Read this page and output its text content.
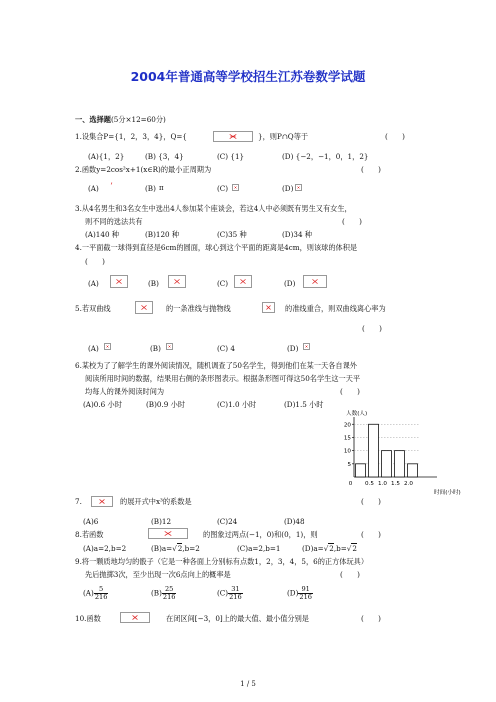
2004年普通高等学校招生江苏卷数学试题
一、选择题(5分×12=60分)
1.设集合P={1，2，3，4}，Q={	}，则P∩Q等于	(　　)
(A){1，2}	(B) {3，4}	(C) {1}	(D) {−2，−1，0，1，2}
2.函数y=2cos²x+1(x∈R)的最小正周期为	(　　)
(A) ʼ	(B) π	(C)	(D)
3.从4名男生和3名女生中选出4人参加某个座谈会，若这4人中必须既有男生又有女生，
则不同的选法共有	(　　)
(A)140 种	(B)120 种	(C)35 种	(D)34 种
4.一平面截一球得到直径是6cm的圆面，球心到这个平面的距离是4cm，则该球的体积是
(　　)
(A)	(B)	(C)	(D)
5.若双曲线	的一条准线与抛物线	的准线重合，则双曲线离心率为
(　　)
(A)	(B)	(C) 4	(D)
6.某校为了了解学生的课外阅读情况，随机调查了50名学生，得到他们在某一天各自课外
阅读所用时间的数据，结果用右侧的条形图表示。根据条形图可得这50名学生这一天平
均每人的课外阅读时间为	(　　)
(A)0.6 小时	(B)0.9 小时	(C)1.0 小时	(D)1.5 小时
人数(人)
时间(小时)
5
10
15
20
0 0.5 1.0 1.5 2.0
7.	的展开式中x³的系数是	(　　)
(A)6	(B)12	(C)24	(D)48
8.若函数	的图象过两点(−1，0)和(0，1)，则	(　　)
(A)a=2,b=2	(B)a=√2,b=2	(C)a=2,b=1	(D)a=√2,b=√2
9.将一颗质地均匀的骰子（它是一种各面上分别标有点数1，2，3，4，5，6的正方体玩具）
先后抛掷3次，至少出现一次6点向上的概率是	(　　)
$(A) \frac{5}{216}$	$(B) \frac{25}{216}$	$(C) \frac{31}{216}$	$(D) \frac{91}{216}$
10.函数	在闭区间[−3，0]上的最大值、最小值分别是	(　　)
1 / 5
